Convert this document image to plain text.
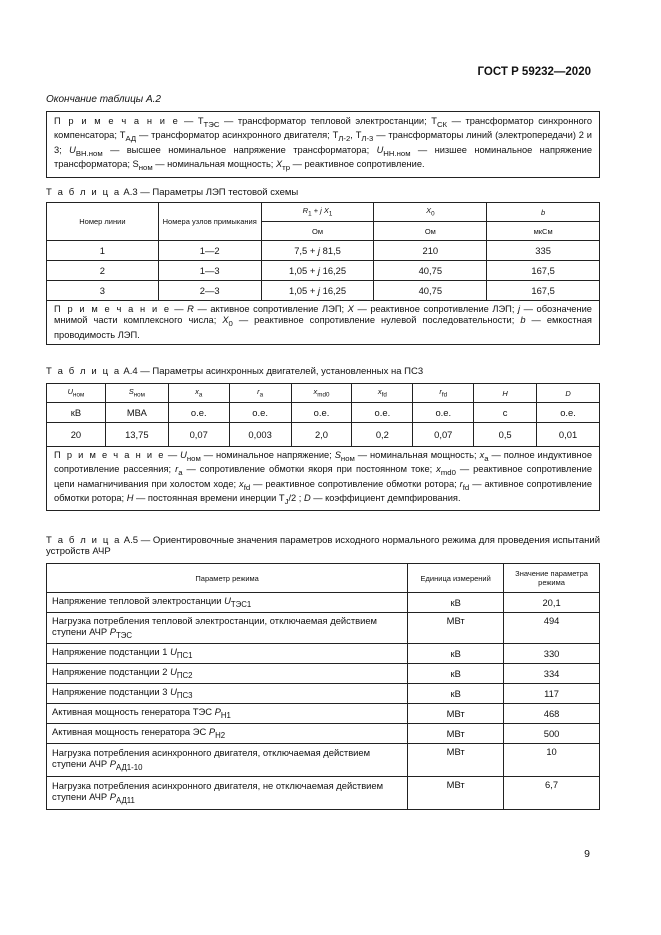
ГОСТ Р 59232—2020
Окончание таблицы А.2
П р и м е ч а н и е — $Т_{ТЭС}$ — трансформатор тепловой электростанции; $Т_{СК}$ — трансформатор синхронного компенсатора; $Т_{АД}$ — трансформатор асинхронного двигателя; $Т_{Л-2}$, $Т_{Л-3}$ — трансформаторы линий (электропередачи) 2 и 3; $U_{ВН.ном}$ — высшее номинальное напряжение трансформатора; $U_{НН.ном}$ — низшее номинальное напряжение трансформатора; $S_{ном}$ — номинальная мощность; $X_{тр}$ — реактивное сопротивление.
Т а б л и ц а А.3 — Параметры ЛЭП тестовой схемы
Номер линии	Номера узлов примыкания	$R_1 + j$ $X_1$	$X_0$	b
		Ом	Ом	мкСм
1	1—2	7,5 + j 81,5	210	335
2	1—3	1,05 + j 16,25	40,75	167,5
3	2—3	1,05 + j 16,25	40,75	167,5
П р и м е ч а н и е — R — активное сопротивление ЛЭП; X — реактивное сопротивление ЛЭП; j — обозначение мнимой части комплексного числа; $X_0$ — реактивное сопротивление нулевой последовательности; b — емкостная проводимость ЛЭП.				
Т а б л и ц а А.4 — Параметры асинхронных двигателей, установленных на ПС3
$U_{ном}$	$S_{ном}$	$x_a$	$r_a$	$x_{md0}$	$x_{fd}$	$r_{fd}$	H	D
кВ	МВА	о.е.	о.е.	о.е.	о.е.	о.е.	с	о.е.
20	13,75	0,07	0,003	2,0	0,2	0,07	0,5	0,01
П р и м е ч а н и е — $U_{ном}$ — номинальное напряжение; $S_{ном}$ — номинальная мощность; $x_a$ — полное индуктивное сопротивление рассеяния; $r_a$ — сопротивление обмотки якоря при постоянном токе; $x_{md0}$ — реактивное сопротивление цепи намагничивания при холостом ходе; $x_{fd}$ — реактивное сопротивление обмотки ротора; $r_{fd}$ — активное сопротивление обмотки ротора; H — постоянная времени инерции $T_J/2$ ; D — коэффициент демпфирования.								
Т а б л и ц а А.5 — Ориентировочные значения параметров исходного нормального режима для проведения испытаний устройств АЧР
Параметр режима	Единица измерений	Значение параметра режима
Напряжение тепловой электростанции $U_{ТЭС1}$	кВ	20,1
Нагрузка потребления тепловой электростанции, отключаемая действием ступени АЧР $P_{ТЭС}$	МВт	494
Напряжение подстанции 1 $U_{ПС1}$	кВ	330
Напряжение подстанции 2 $U_{ПС2}$	кВ	334
Напряжение подстанции 3 $U_{ПС3}$	кВ	117
Активная мощность генератора ТЭС $P_{Н1}$	МВт	468
Активная мощность генератора ЭС $P_{Н2}$	МВт	500
Нагрузка потребления асинхронного двигателя, отключаемая действием ступени АЧР $P_{АД1-10}$	МВт	10
Нагрузка потребления асинхронного двигателя, не отключаемая действием ступени АЧР $P_{АД11}$	МВт	6,7
9
